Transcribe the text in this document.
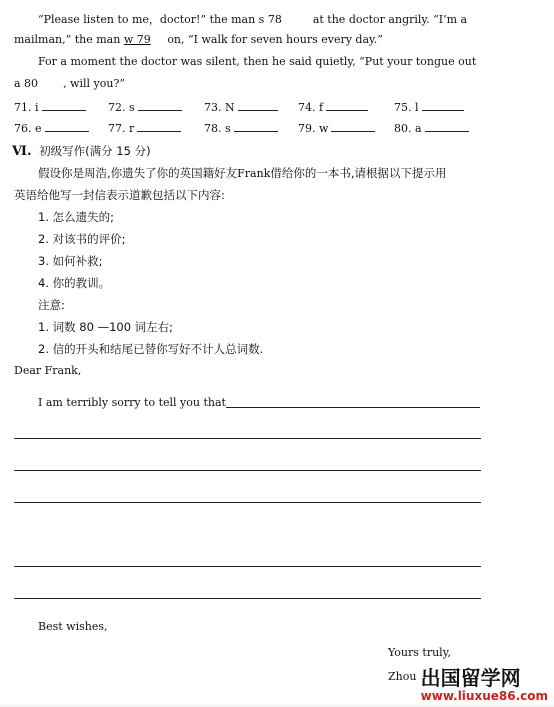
“Please listen to me，doctor!” the man s 78	at the doctor angrily. “I’m a
mailman,” the man w 79 on, “I walk for seven hours every day.”
For a moment the doctor was silent, then he said quietly, “Put your tongue out
a 80 , will you?”
71. i	72. s	73. N	74. f	75. l
76. e	77. r	78. s	79. w	80. a
Ⅵ. 初级写作(满分 15 分)
假设你是周浩,你遗失了你的英国籍好友Frank借给你的一本书,请根据以下提示用
英语给他写一封信表示道歉包括以下内容:
1. 怎么遗失的;
2. 对该书的评价;
3. 如何补救;
4. 你的教训。
注意:
1. 词数 80 —100 词左右;
2. 信的开头和结尾已替你写好不计人总词数.
Dear Frank,
I am terribly sorry to tell you that
Best wishes,
Yours truly,
Zhou 出国留学网
www.liuxue86.com
